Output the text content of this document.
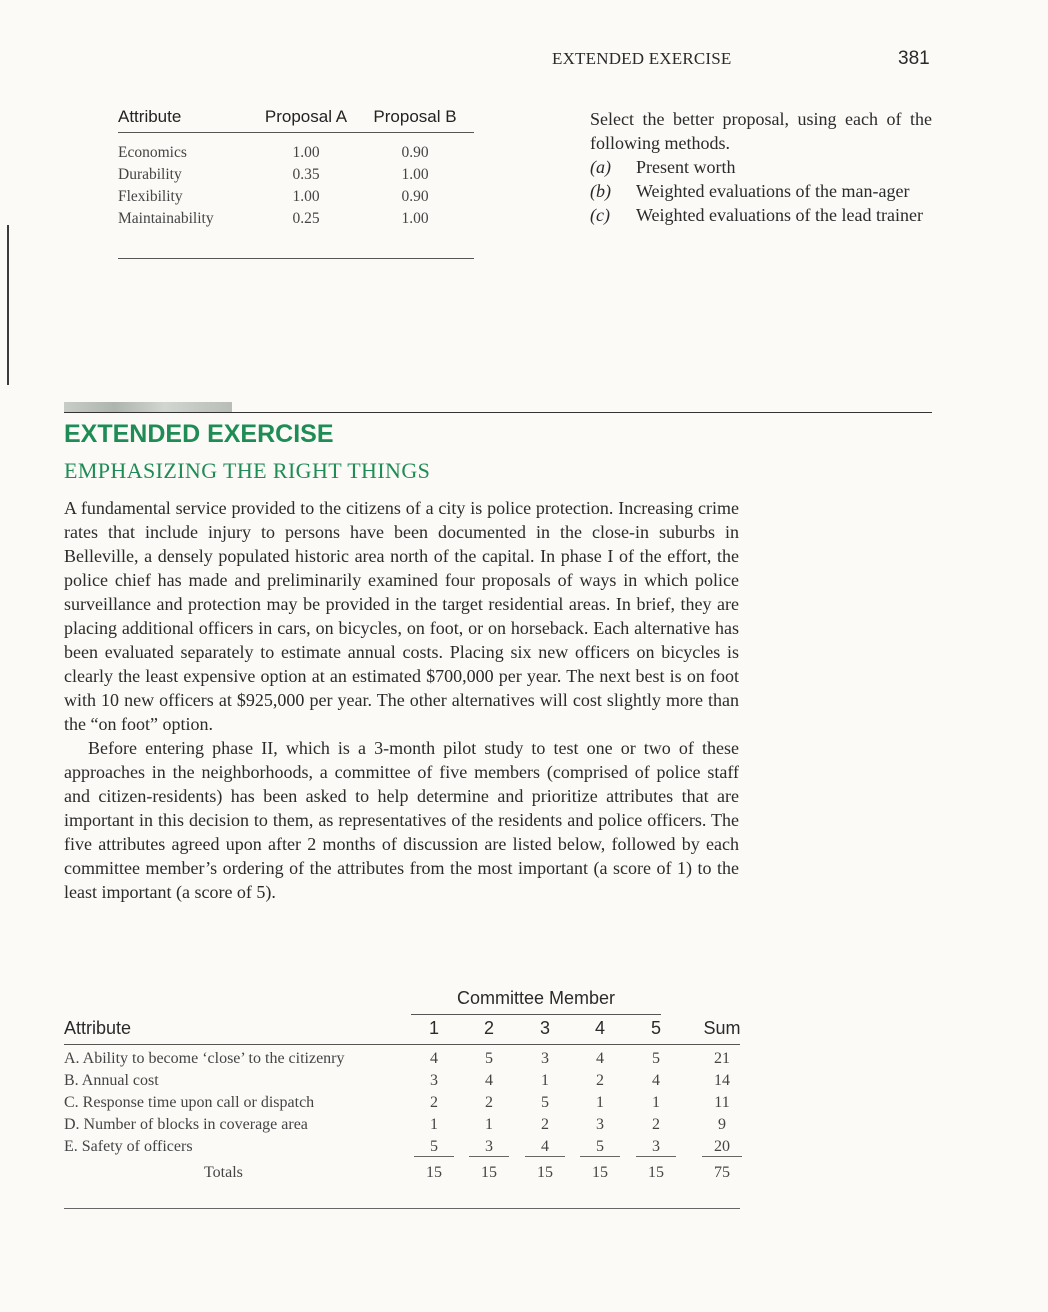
EXTENDED EXERCISE	381
Attribute	Proposal A	Proposal B
Economics	1.00	0.90
Durability	0.35	1.00
Flexibility	1.00	0.90
Maintainability	0.25	1.00
Select the better proposal, using each of the following methods.
(a)	Present worth
(b)	Weighted evaluations of the man-ager
(c)	Weighted evaluations of the lead trainer
EXTENDED EXERCISE
EMPHASIZING THE RIGHT THINGS

A fundamental service provided to the citizens of a city is police protection. Increasing crime rates that include injury to persons have been documented in the close-in suburbs in Belleville, a densely populated historic area north of the capital. In phase I of the effort, the police chief has made and preliminarily examined four proposals of ways in which police surveillance and protection may be provided in the target residential areas. In brief, they are placing additional officers in cars, on bicycles, on foot, or on horseback. Each alternative has been evaluated separately to estimate annual costs. Placing six new officers on bicycles is clearly the least expensive option at an estimated $700,000 per year. The next best is on foot with 10 new officers at $925,000 per year. The other alternatives will cost slightly more than the “on foot” option.

Before entering phase II, which is a 3-month pilot study to test one or two of these approaches in the neighborhoods, a committee of five members (comprised of police staff and citizen-residents) has been asked to help determine and prioritize attributes that are important in this decision to them, as representatives of the residents and police officers. The five attributes agreed upon after 2 months of discussion are listed below, followed by each committee member’s ordering of the attributes from the most important (a score of 1) to the least important (a score of 5).

Committee Member
Attribute	1	2	3	4	5	Sum
A. Ability to become ‘close’ to the citizenry	4	5	3	4	5	21
B. Annual cost	3	4	1	2	4	14
C. Response time upon call or dispatch	2	2	5	1	1	11
D. Number of blocks in coverage area	1	1	2	3	2	9
E. Safety of officers	5	3	4	5	3	20
Totals	15	15	15	15	15	75
